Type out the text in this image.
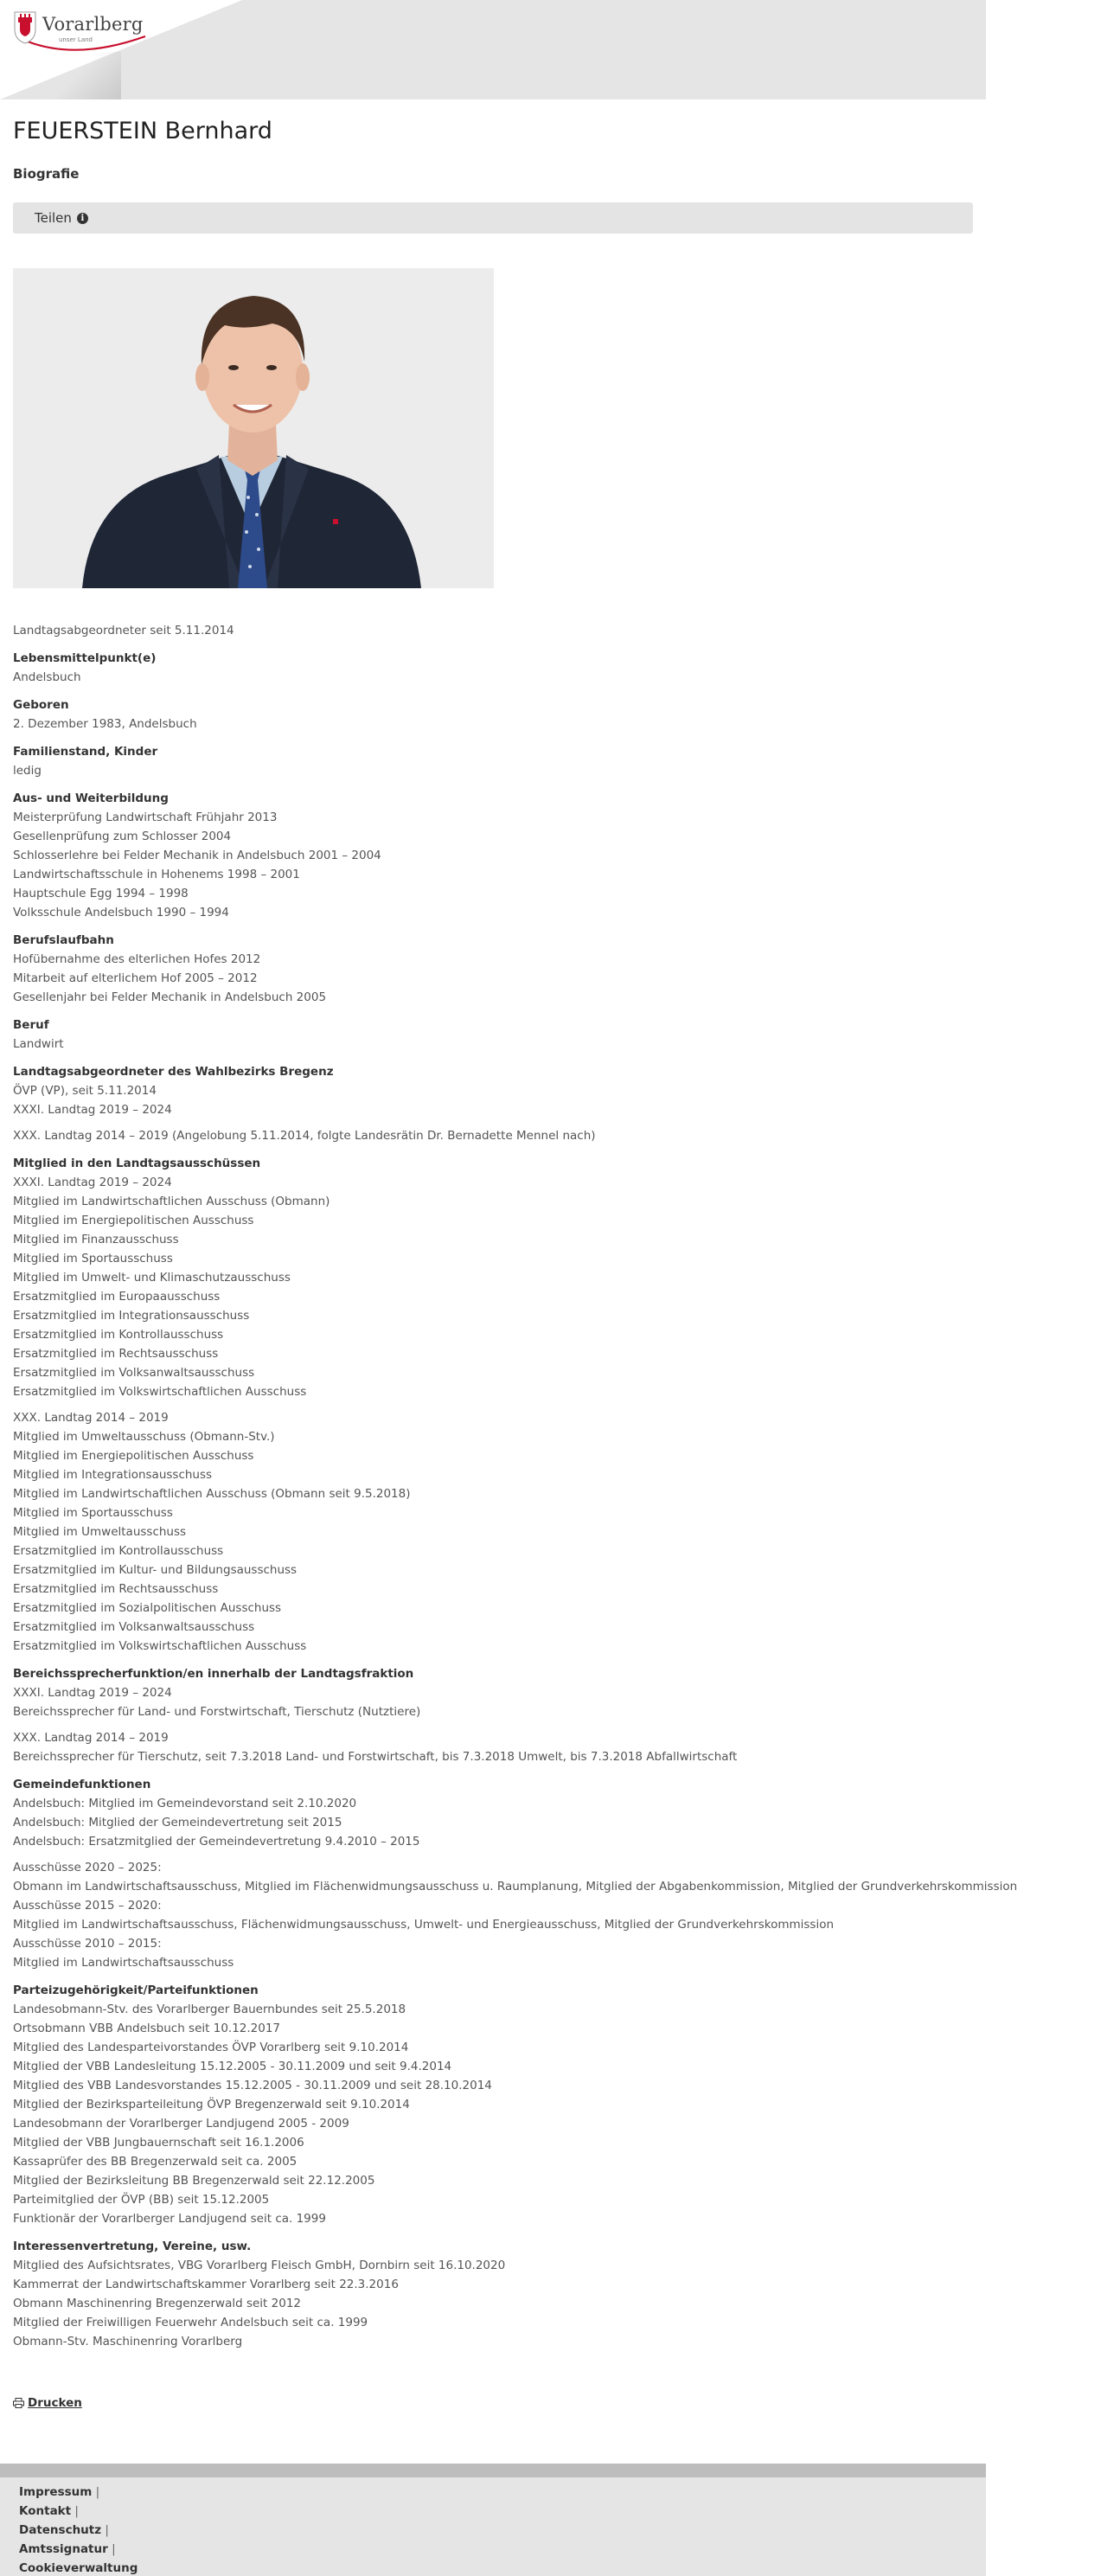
Vorarlberg
unser Land
FEUERSTEIN Bernhard
Biografie
Teilen	i

Landtagsabgeordneter seit 5.11.2014

Lebensmittelpunkt(e)

Andelsbuch

Geboren

2. Dezember 1983, Andelsbuch

Familienstand, Kinder

ledig

Aus- und Weiterbildung

Meisterprüfung Landwirtschaft Frühjahr 2013

Gesellenprüfung zum Schlosser 2004

Schlosserlehre bei Felder Mechanik in Andelsbuch 2001 – 2004

Landwirtschaftsschule in Hohenems 1998 – 2001

Hauptschule Egg 1994 – 1998

Volksschule Andelsbuch 1990 – 1994

Berufslaufbahn

Hofübernahme des elterlichen Hofes 2012

Mitarbeit auf elterlichem Hof 2005 – 2012

Gesellenjahr bei Felder Mechanik in Andelsbuch 2005

Beruf

Landwirt

Landtagsabgeordneter des Wahlbezirks Bregenz

ÖVP (VP), seit 5.11.2014

XXXI. Landtag 2019 – 2024

XXX. Landtag 2014 – 2019 (Angelobung 5.11.2014, folgte Landesrätin Dr. Bernadette Mennel nach)

Mitglied in den Landtagsausschüssen

XXXI. Landtag 2019 – 2024

Mitglied im Landwirtschaftlichen Ausschuss (Obmann)

Mitglied im Energiepolitischen Ausschuss

Mitglied im Finanzausschuss

Mitglied im Sportausschuss

Mitglied im Umwelt- und Klimaschutzausschuss

Ersatzmitglied im Europaausschuss

Ersatzmitglied im Integrationsausschuss

Ersatzmitglied im Kontrollausschuss

Ersatzmitglied im Rechtsausschuss

Ersatzmitglied im Volksanwaltsausschuss

Ersatzmitglied im Volkswirtschaftlichen Ausschuss

XXX. Landtag 2014 – 2019

Mitglied im Umweltausschuss (Obmann-Stv.)

Mitglied im Energiepolitischen Ausschuss

Mitglied im Integrationsausschuss

Mitglied im Landwirtschaftlichen Ausschuss (Obmann seit 9.5.2018)

Mitglied im Sportausschuss

Mitglied im Umweltausschuss

Ersatzmitglied im Kontrollausschuss

Ersatzmitglied im Kultur- und Bildungsausschuss

Ersatzmitglied im Rechtsausschuss

Ersatzmitglied im Sozialpolitischen Ausschuss

Ersatzmitglied im Volksanwaltsausschuss

Ersatzmitglied im Volkswirtschaftlichen Ausschuss

Bereichssprecherfunktion/en innerhalb der Landtagsfraktion

XXXI. Landtag 2019 – 2024

Bereichssprecher für Land- und Forstwirtschaft, Tierschutz (Nutztiere)

XXX. Landtag 2014 – 2019

Bereichssprecher für Tierschutz, seit 7.3.2018 Land- und Forstwirtschaft, bis 7.3.2018 Umwelt, bis 7.3.2018 Abfallwirtschaft

Gemeindefunktionen

Andelsbuch: Mitglied im Gemeindevorstand seit 2.10.2020

Andelsbuch: Mitglied der Gemeindevertretung seit 2015

Andelsbuch: Ersatzmitglied der Gemeindevertretung 9.4.2010 – 2015

Ausschüsse 2020 – 2025:

Obmann im Landwirtschaftsausschuss, Mitglied im Flächenwidmungsausschuss u. Raumplanung, Mitglied der Abgabenkommission, Mitglied der Grundverkehrskommission

Ausschüsse 2015 – 2020:

Mitglied im Landwirtschaftsausschuss, Flächenwidmungsausschuss, Umwelt- und Energieausschuss, Mitglied der Grundverkehrskommission

Ausschüsse 2010 – 2015:

Mitglied im Landwirtschaftsausschuss

Parteizugehörigkeit/Parteifunktionen

Landesobmann-Stv. des Vorarlberger Bauernbundes seit 25.5.2018

Ortsobmann VBB Andelsbuch seit 10.12.2017

Mitglied des Landesparteivorstandes ÖVP Vorarlberg seit 9.10.2014

Mitglied der VBB Landesleitung 15.12.2005 - 30.11.2009 und seit 9.4.2014

Mitglied des VBB Landesvorstandes 15.12.2005 - 30.11.2009 und seit 28.10.2014

Mitglied der Bezirksparteileitung ÖVP Bregenzerwald seit 9.10.2014

Landesobmann der Vorarlberger Landjugend 2005 - 2009

Mitglied der VBB Jungbauernschaft seit 16.1.2006

Kassaprüfer des BB Bregenzerwald seit ca. 2005

Mitglied der Bezirksleitung BB Bregenzerwald seit 22.12.2005

Parteimitglied der ÖVP (BB) seit 15.12.2005

Funktionär der Vorarlberger Landjugend seit ca. 1999

Interessenvertretung, Vereine, usw.

Mitglied des Aufsichtsrates, VBG Vorarlberg Fleisch GmbH, Dornbirn seit 16.10.2020

Kammerrat der Landwirtschaftskammer Vorarlberg seit 22.3.2016

Obmann Maschinenring Bregenzerwald seit 2012

Mitglied der Freiwilligen Feuerwehr Andelsbuch seit ca. 1999

Obmann-Stv. Maschinenring Vorarlberg

Drucken
Impressum |
Kontakt |
Datenschutz |
Amtssignatur |
Cookieverwaltung
